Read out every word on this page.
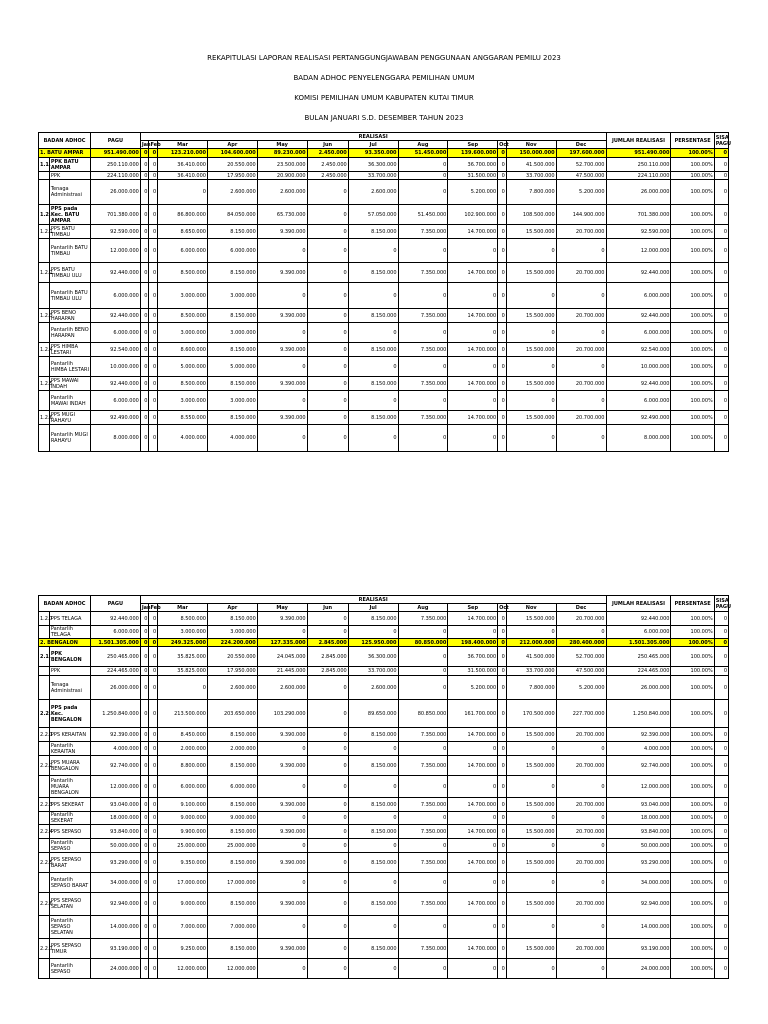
REKAPITULASI LAPORAN REALISASI PERTANGGUNGJAWABAN PENGGUNAAN ANGGARAN PEMILU 2023
BADAN ADHOC PENYELENGGARA PEMILIHAN UMUM
KOMISI PEMILIHAN UMUM KABUPATEN KUTAI TIMUR
BULAN JANUARI S.D. DESEMBER TAHUN 2023
BADAN ADHOC		PAGU	REALISASI												JUMLAH REALISASI	PERSENTASE	SISA PAGU
			Jan	Feb	Mar	Apr	May	Jun	Jul	Aug	Sep	Oct	Nov	Dec			
1. BATU AMPAR		951.490.000	0	0	123.210.000	104.600.000	89.230.000	2.450.000	93.350.000	51.450.000	139.600.000	0	150.000.000	197.600.000	951.490.000	100.00%	0
1.1.	PPK BATU AMPAR	250.110.000	0	0	36.410.000	20.550.000	23.500.000	2.450.000	36.300.000	0	36.700.000	0	41.500.000	52.700.000	250.110.000	100.00%	0
	PPK	224.110.000	0	0	36.410.000	17.950.000	20.900.000	2.450.000	33.700.000	0	31.500.000	0	33.700.000	47.500.000	224.110.000	100.00%	0
	Tenaga Administrasi	26.000.000	0	0	0	2.600.000	2.600.000	0	2.600.000	0	5.200.000	0	7.800.000	5.200.000	26.000.000	100.00%	0
1.2.	PPS pada Kec. BATU AMPAR	701.380.000	0	0	86.800.000	84.050.000	65.730.000	0	57.050.000	51.450.000	102.900.000	0	108.500.000	144.900.000	701.380.000	100.00%	0
1.2.1	PPS BATU TIMBAU	92.590.000	0	0	8.650.000	8.150.000	9.390.000	0	8.150.000	7.350.000	14.700.000	0	15.500.000	20.700.000	92.590.000	100.00%	0
	Pantarlih BATU TIMBAU	12.000.000	0	0	6.000.000	6.000.000	0	0	0	0	0	0	0	0	12.000.000	100.00%	0
1.2.2	PPS BATU TIMBAU ULU	92.440.000	0	0	8.500.000	8.150.000	9.390.000	0	8.150.000	7.350.000	14.700.000	0	15.500.000	20.700.000	92.440.000	100.00%	0
	Pantarlih BATU TIMBAU ULU	6.000.000	0	0	3.000.000	3.000.000	0	0	0	0	0	0	0	0	6.000.000	100.00%	0
1.2.3	PPS BENO HARAPAN	92.440.000	0	0	8.500.000	8.150.000	9.390.000	0	8.150.000	7.350.000	14.700.000	0	15.500.000	20.700.000	92.440.000	100.00%	0
	Pantarlih BENO HARAPAN	6.000.000	0	0	3.000.000	3.000.000	0	0	0	0	0	0	0	0	6.000.000	100.00%	0
1.2.4	PPS HIMBA LESTARI	92.540.000	0	0	8.600.000	8.150.000	9.390.000	0	8.150.000	7.350.000	14.700.000	0	15.500.000	20.700.000	92.540.000	100.00%	0
	Pantarlih HIMBA LESTARI	10.000.000	0	0	5.000.000	5.000.000	0	0	0	0	0	0	0	0	10.000.000	100.00%	0
1.2.5	PPS MAWAI INDAH	92.440.000	0	0	8.500.000	8.150.000	9.390.000	0	8.150.000	7.350.000	14.700.000	0	15.500.000	20.700.000	92.440.000	100.00%	0
	Pantarlih MAWAI INDAH	6.000.000	0	0	3.000.000	3.000.000	0	0	0	0	0	0	0	0	6.000.000	100.00%	0
1.2.6	PPS MUGI RAHAYU	92.490.000	0	0	8.550.000	8.150.000	9.390.000	0	8.150.000	7.350.000	14.700.000	0	15.500.000	20.700.000	92.490.000	100.00%	0
	Pantarlih MUGI RAHAYU	8.000.000	0	0	4.000.000	4.000.000	0	0	0	0	0	0	0	0	8.000.000	100.00%	0
BADAN ADHOC		PAGU	REALISASI												JUMLAH REALISASI	PERSENTASE	SISA PAGU
			Jan	Feb	Mar	Apr	May	Jun	Jul	Aug	Sep	Oct	Nov	Dec			
1.2.7	PPS TELAGA	92.440.000	0	0	8.500.000	8.150.000	9.390.000	0	8.150.000	7.350.000	14.700.000	0	15.500.000	20.700.000	92.440.000	100.00%	0
	Pantarlih TELAGA	6.000.000	0	0	3.000.000	3.000.000	0	0	0	0	0	0	0	0	6.000.000	100.00%	0
2. BENGALON		1.501.305.000	0	0	249.325.000	224.200.000	127.335.000	2.845.000	125.950.000	80.850.000	198.400.000	0	212.000.000	280.400.000	1.501.305.000	100.00%	0
2.1.	PPK BENGALON	250.465.000	0	0	35.825.000	20.550.000	24.045.000	2.845.000	36.300.000	0	36.700.000	0	41.500.000	52.700.000	250.465.000	100.00%	0
	PPK	224.465.000	0	0	35.825.000	17.950.000	21.445.000	2.845.000	33.700.000	0	31.500.000	0	33.700.000	47.500.000	224.465.000	100.00%	0
	Tenaga Administrasi	26.000.000	0	0	0	2.600.000	2.600.000	0	2.600.000	0	5.200.000	0	7.800.000	5.200.000	26.000.000	100.00%	0
2.2.	PPS pada Kec. BENGALON	1.250.840.000	0	0	213.500.000	203.650.000	103.290.000	0	89.650.000	80.850.000	161.700.000	0	170.500.000	227.700.000	1.250.840.000	100.00%	0
2.2.1	PPS KERAITAN	92.390.000	0	0	8.450.000	8.150.000	9.390.000	0	8.150.000	7.350.000	14.700.000	0	15.500.000	20.700.000	92.390.000	100.00%	0
	Pantarlih KERAITAN	4.000.000	0	0	2.000.000	2.000.000	0	0	0	0	0	0	0	0	4.000.000	100.00%	0
2.2.2	PPS MUARA BENGALON	92.740.000	0	0	8.800.000	8.150.000	9.390.000	0	8.150.000	7.350.000	14.700.000	0	15.500.000	20.700.000	92.740.000	100.00%	0
	Pantarlih MUARA BENGALON	12.000.000	0	0	6.000.000	6.000.000	0	0	0	0	0	0	0	0	12.000.000	100.00%	0
2.2.3	PPS SEKERAT	93.040.000	0	0	9.100.000	8.150.000	9.390.000	0	8.150.000	7.350.000	14.700.000	0	15.500.000	20.700.000	93.040.000	100.00%	0
	Pantarlih SEKERAT	18.000.000	0	0	9.000.000	9.000.000	0	0	0	0	0	0	0	0	18.000.000	100.00%	0
2.2.4	PPS SEPASO	93.840.000	0	0	9.900.000	8.150.000	9.390.000	0	8.150.000	7.350.000	14.700.000	0	15.500.000	20.700.000	93.840.000	100.00%	0
	Pantarlih SEPASO	50.000.000	0	0	25.000.000	25.000.000	0	0	0	0	0	0	0	0	50.000.000	100.00%	0
2.2.5	PPS SEPASO BARAT	93.290.000	0	0	9.350.000	8.150.000	9.390.000	0	8.150.000	7.350.000	14.700.000	0	15.500.000	20.700.000	93.290.000	100.00%	0
	Pantarlih SEPASO BARAT	34.000.000	0	0	17.000.000	17.000.000	0	0	0	0	0	0	0	0	34.000.000	100.00%	0
2.2.6	PPS SEPASO SELATAN	92.940.000	0	0	9.000.000	8.150.000	9.390.000	0	8.150.000	7.350.000	14.700.000	0	15.500.000	20.700.000	92.940.000	100.00%	0
	Pantarlih SEPASO SELATAN	14.000.000	0	0	7.000.000	7.000.000	0	0	0	0	0	0	0	0	14.000.000	100.00%	0
2.2.7	PPS SEPASO TIMUR	93.190.000	0	0	9.250.000	8.150.000	9.390.000	0	8.150.000	7.350.000	14.700.000	0	15.500.000	20.700.000	93.190.000	100.00%	0
	Pantarlih SEPASO	24.000.000	0	0	12.000.000	12.000.000	0	0	0	0	0	0	0	0	24.000.000	100.00%	0
